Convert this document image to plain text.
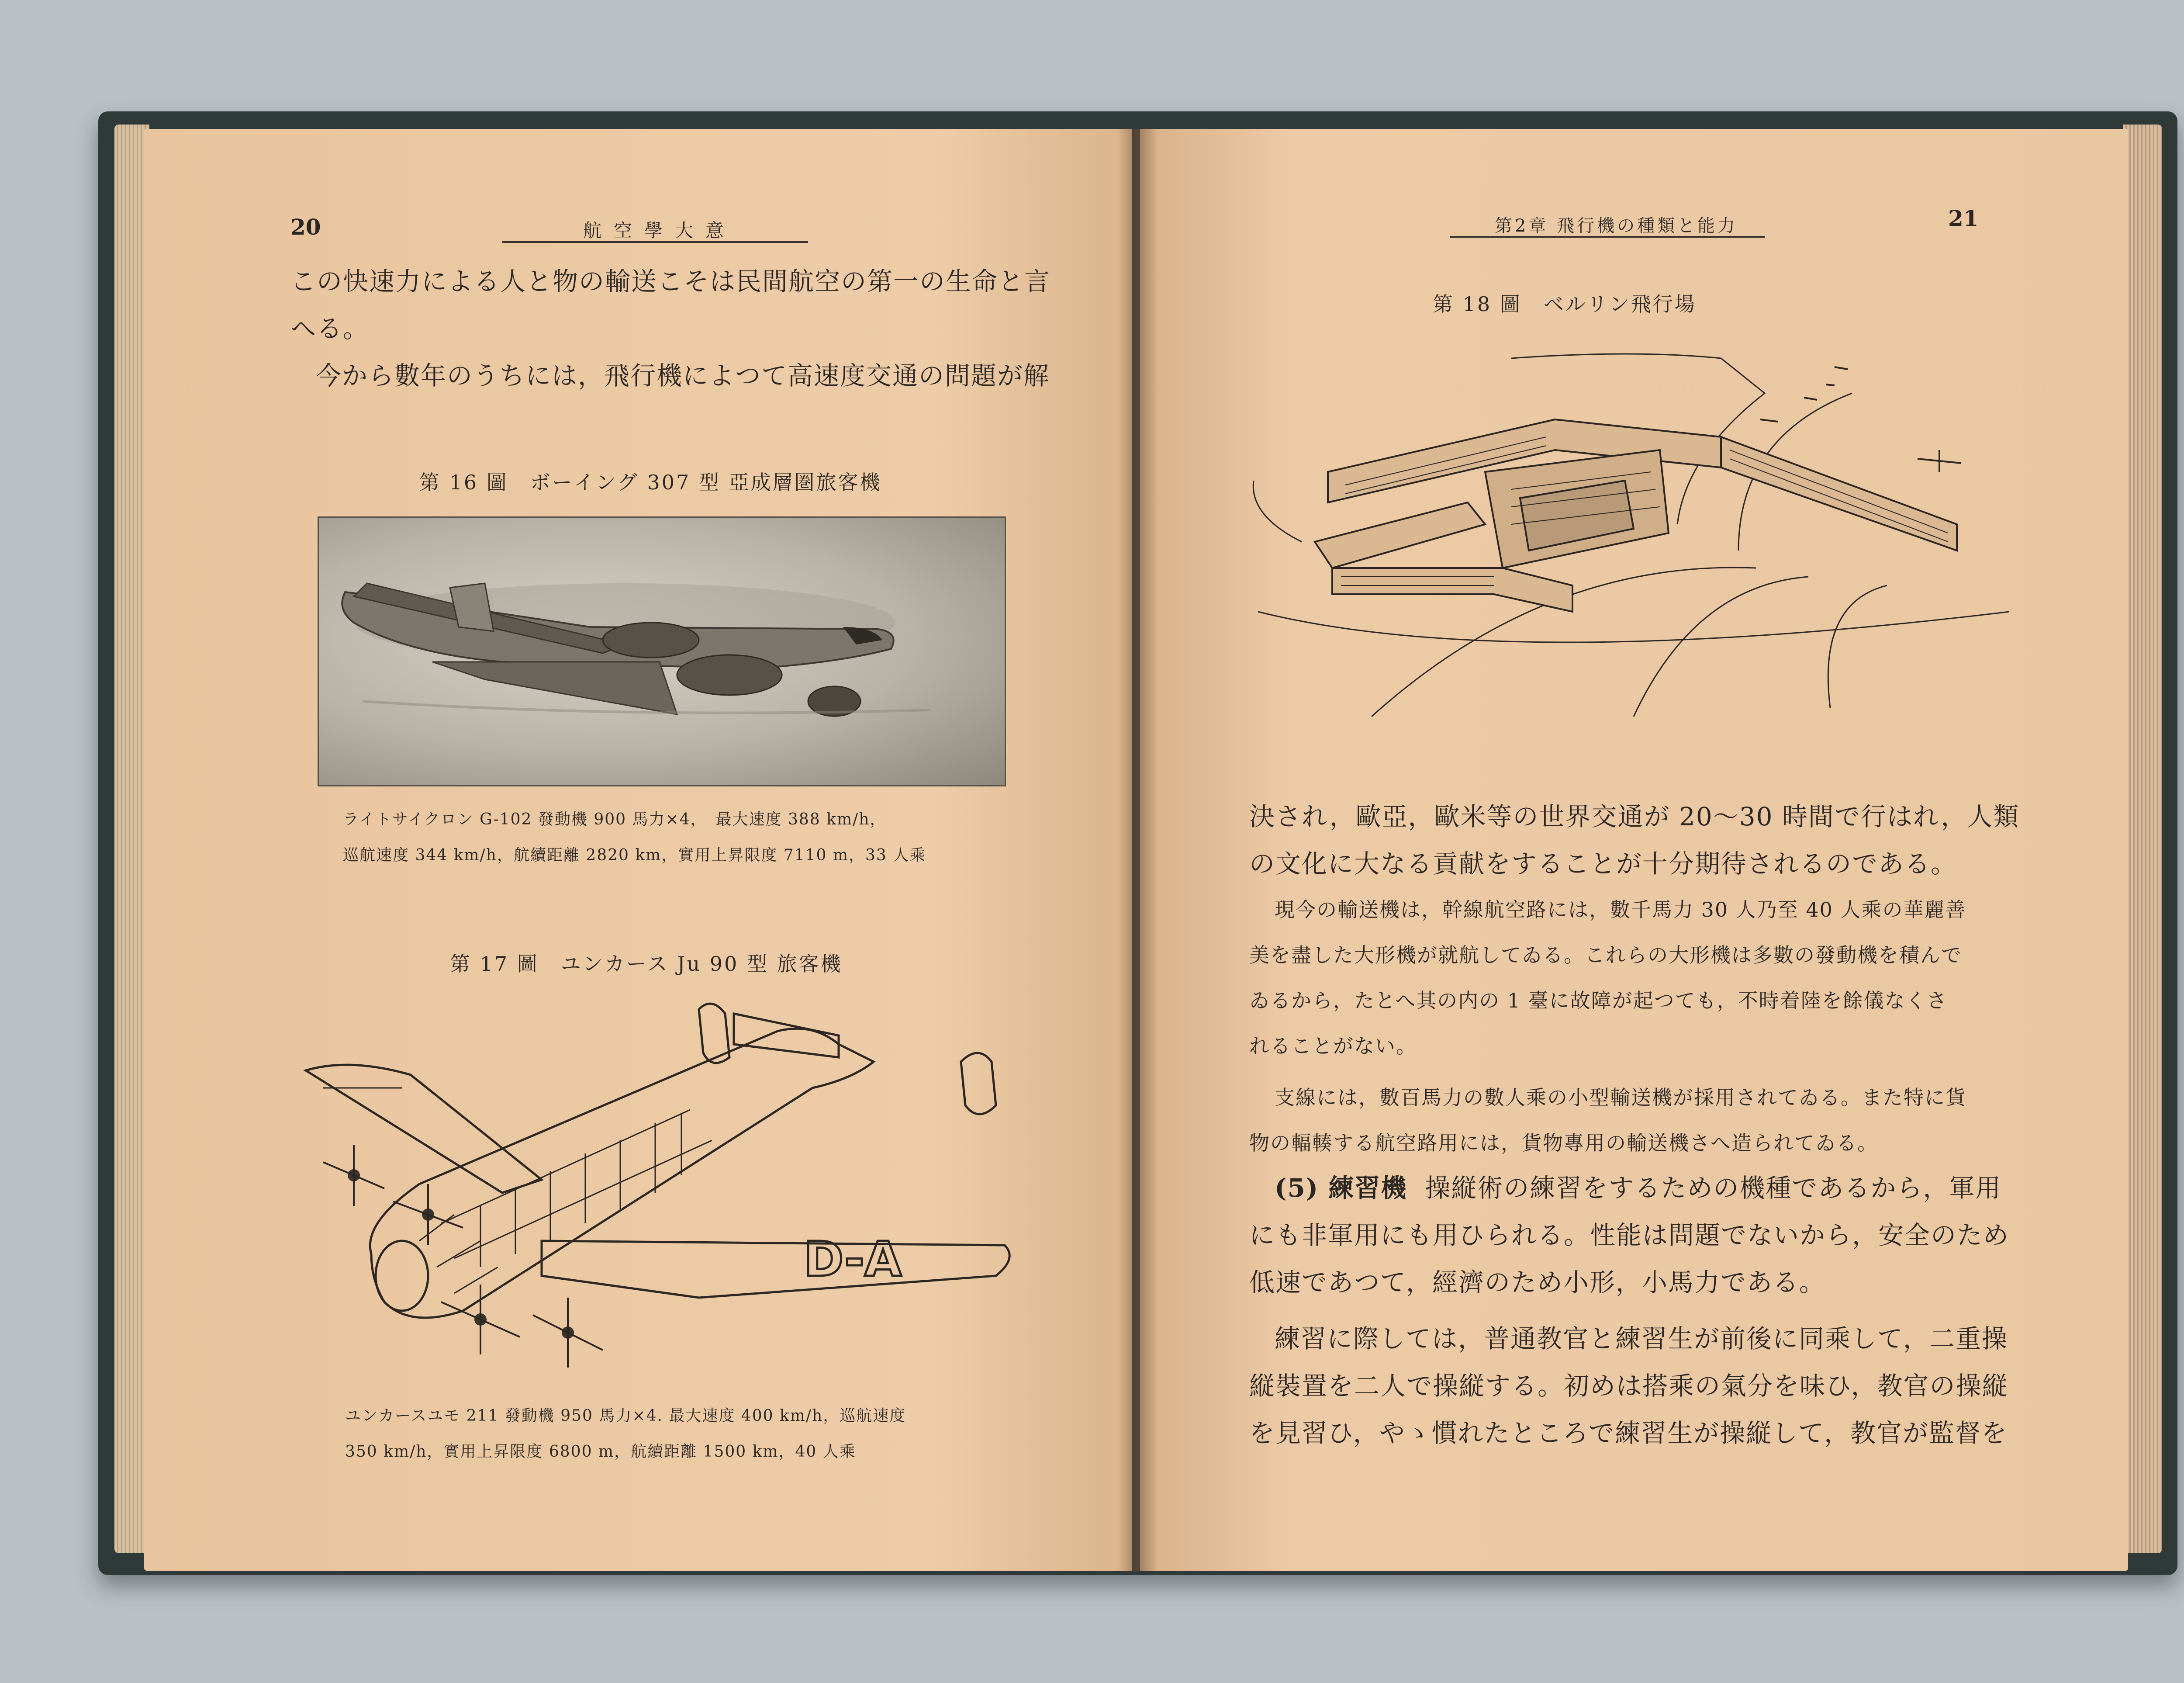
20	航空學大意
この快速力による人と物の輸送こそは民間航空の第一の生命と言
へる。
今から數年のうちには，飛行機によつて高速度交通の問題が解
第 16 圖　ボーイング 307 型 亞成層圏旅客機
ライトサイクロン G-102 發動機 900 馬力×4，　最大速度 388 km/h，
巡航速度 344 km/h，航續距離 2820 km，實用上昇限度 7110 m，33 人乘
第 17 圖　ユンカース Ju 90 型 旅客機
D-A
ユンカースユモ 211 發動機 950 馬力×4. 最大速度 400 km/h，巡航速度
350 km/h，實用上昇限度 6800 m，航續距離 1500 km，40 人乘
第2章 飛行機の種類と能力	21
第 18 圖　ベルリン飛行場
決され，歐亞，歐米等の世界交通が 20〜30 時間で行はれ，人類
の文化に大なる貢献をすることが十分期待されるのである。
現今の輸送機は，幹線航空路には，數千馬力 30 人乃至 40 人乘の華麗善
美を盡した大形機が就航してゐる。これらの大形機は多數の發動機を積んで
ゐるから，たとへ其の内の 1 臺に故障が起つても，不時着陸を餘儀なくさ
れることがない。
支線には，數百馬力の數人乘の小型輸送機が採用されてゐる。また特に貨
物の輻輳する航空路用には，貨物專用の輸送機さへ造られてゐる。
(5) 練習機 操縦術の練習をするための機種であるから，軍用
にも非軍用にも用ひられる。性能は問題でないから，安全のため
低速であつて，經濟のため小形，小馬力である。
練習に際しては，普通教官と練習生が前後に同乘して，二重操
縦裝置を二人で操縦する。初めは搭乘の氣分を味ひ，教官の操縦
を見習ひ，やゝ慣れたところで練習生が操縦して，教官が監督を
